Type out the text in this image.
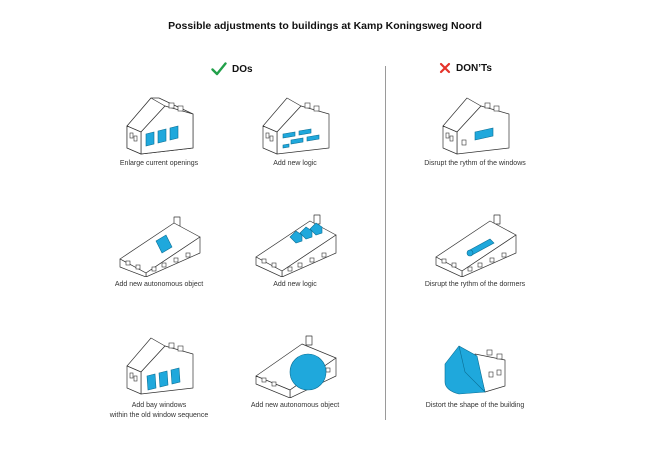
Possible adjustments to buildings at Kamp Koningsweg Noord
DOs	DON’Ts
Enlarge current openings	Add new logic	Disrupt the rythm of the windows
Add new autonomous object	Add new logic	Disrupt the rythm of the dormers
Add bay windows
within the old window sequence
Add new autonomous object	Distort the shape of the building
